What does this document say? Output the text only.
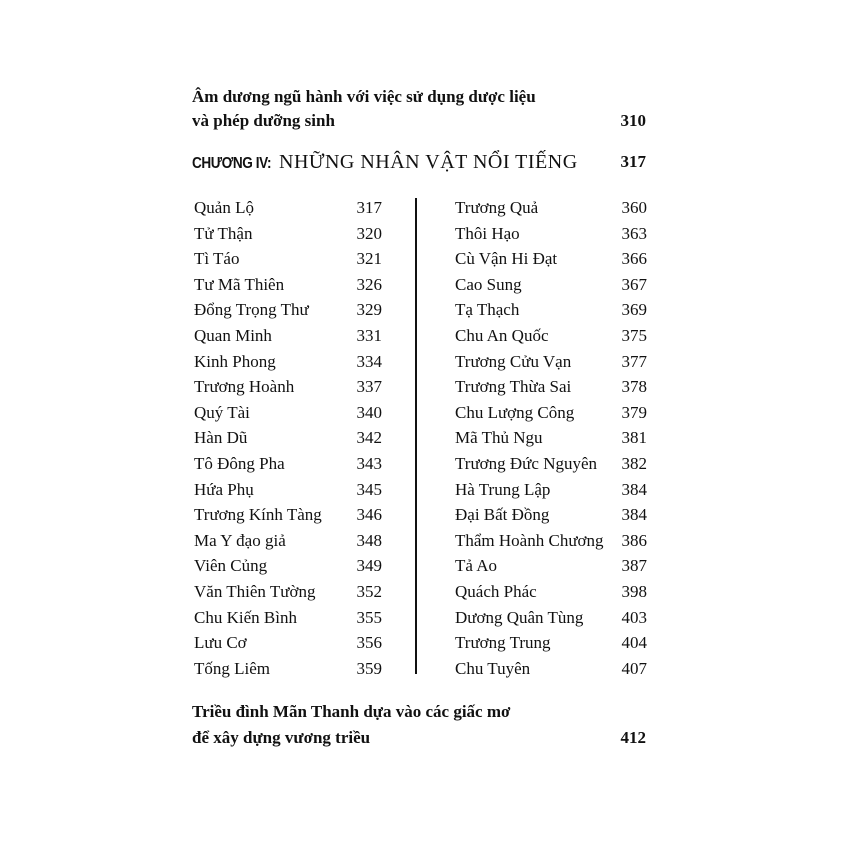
Âm dương ngũ hành với việc sử dụng dược liệu
và phép dưỡng sinh	310
CHƯƠNG IV: NHỮNG NHÂN VẬT NỔI TIẾNG	317
Quản Lộ	317
Tử Thận	320
Tì Táo	321
Tư Mã Thiên	326
Đổng Trọng Thư	329
Quan Minh	331
Kinh Phong	334
Trương Hoành	337
Quý Tài	340
Hàn Dũ	342
Tô Đông Pha	343
Hứa Phụ	345
Trương Kính Tàng 346
Ma Y đạo giả	348
Viên Củng	349
Văn Thiên Tường 352
Chu Kiến Bình	355
Lưu Cơ	356
Tống Liêm	359
Trương Quả	360
Thôi Hạo	363
Cù Vận Hi Đạt	366
Cao Sung	367
Tạ Thạch	369
Chu An Quốc	375
Trương Cửu Vạn	377
Trương Thừa Sai	378
Chu Lượng Công	379
Mã Thủ Ngu	381
Trương Đức Nguyên 382
Hà Trung Lập	384
Đại Bất Đồng	384
Thẩm Hoành Chương 386
Tả Ao	387
Quách Phác	398
Dương Quân Tùng 403
Trương Trung	404
Chu Tuyên	407
Triều đình Mãn Thanh dựa vào các giấc mơ
để xây dựng vương triều	412
